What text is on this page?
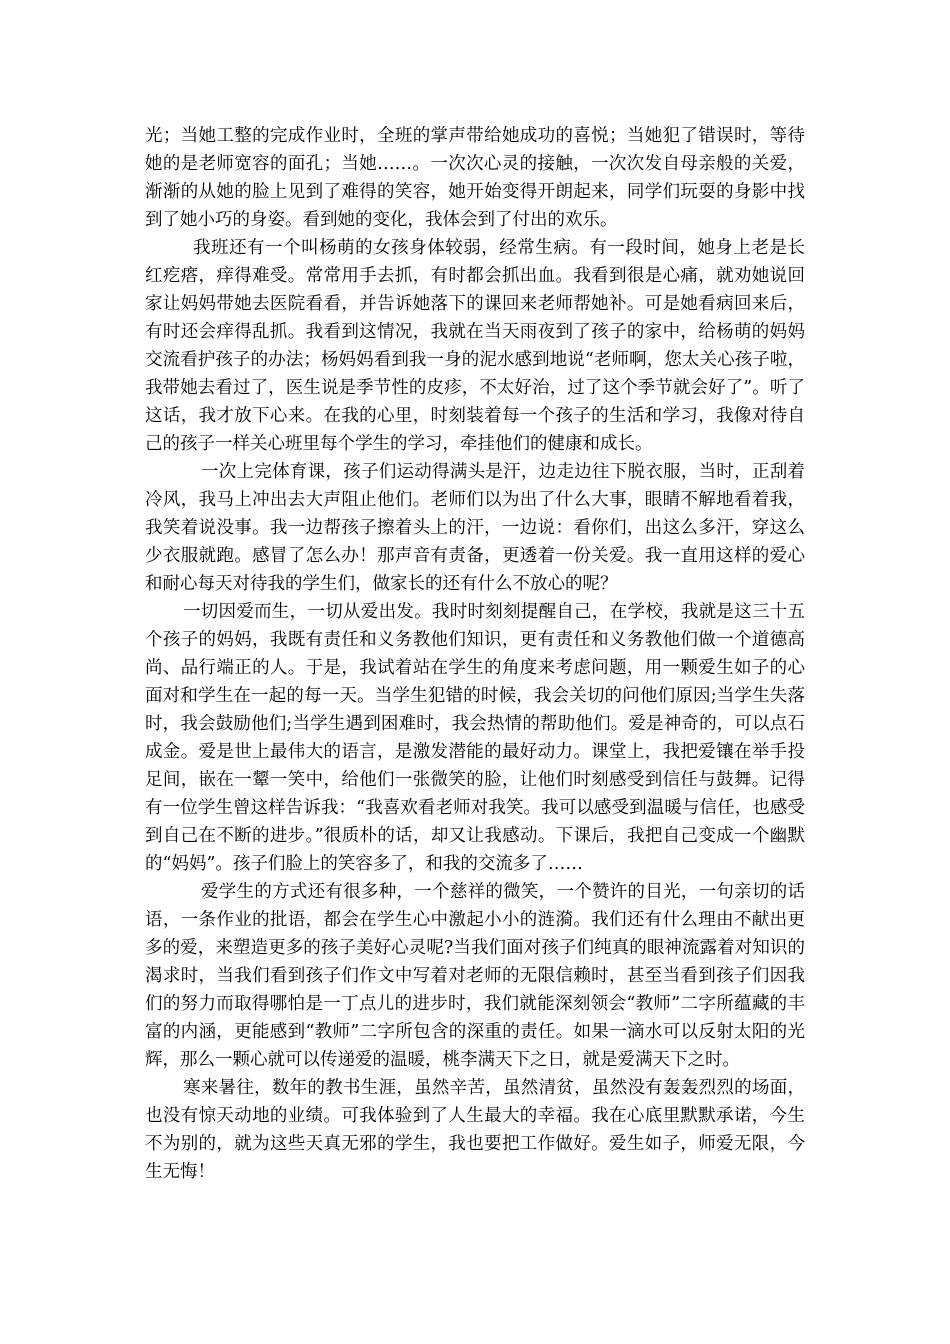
光；当她工整的完成作业时，全班的掌声带给她成功的喜悦；当她犯了错误时，等待她的是老师宽容的面孔；当她……。一次次心灵的接触，一次次发自母亲般的关爱，渐渐的从她的脸上见到了难得的笑容，她开始变得开朗起来，同学们玩耍的身影中找到了她小巧的身姿。看到她的变化，我体会到了付出的欢乐。

我班还有一个叫杨萌的女孩身体较弱，经常生病。有一段时间，她身上老是长红疙瘩，痒得难受。常常用手去抓，有时都会抓出血。我看到很是心痛，就劝她说回家让妈妈带她去医院看看，并告诉她落下的课回来老师帮她补。可是她看病回来后，有时还会痒得乱抓。我看到这情况，我就在当天雨夜到了孩子的家中，给杨萌的妈妈交流看护孩子的办法；杨妈妈看到我一身的泥水感到地说“老师啊，您太关心孩子啦，我带她去看过了，医生说是季节性的皮疹，不太好治，过了这个季节就会好了”。听了这话，我才放下心来。在我的心里，时刻装着每一个孩子的生活和学习，我像对待自己的孩子一样关心班里每个学生的学习，牵挂他们的健康和成长。

一次上完体育课，孩子们运动得满头是汗，边走边往下脱衣服，当时，正刮着冷风，我马上冲出去大声阻止他们。老师们以为出了什么大事，眼睛不解地看着我，我笑着说没事。我一边帮孩子擦着头上的汗，一边说：看你们，出这么多汗，穿这么少衣服就跑。感冒了怎么办！那声音有责备，更透着一份关爱。我一直用这样的爱心和耐心每天对待我的学生们，做家长的还有什么不放心的呢？

一切因爱而生，一切从爱出发。我时时刻刻提醒自己，在学校，我就是这三十五个孩子的妈妈，我既有责任和义务教他们知识，更有责任和义务教他们做一个道德高尚、品行端正的人。于是，我试着站在学生的角度来考虑问题，用一颗爱生如子的心面对和学生在一起的每一天。当学生犯错的时候，我会关切的问他们原因;当学生失落时，我会鼓励他们;当学生遇到困难时，我会热情的帮助他们。爱是神奇的，可以点石成金。爱是世上最伟大的语言，是激发潜能的最好动力。课堂上，我把爱镶在举手投足间，嵌在一颦一笑中，给他们一张微笑的脸，让他们时刻感受到信任与鼓舞。记得有一位学生曾这样告诉我：“我喜欢看老师对我笑。我可以感受到温暖与信任，也感受到自己在不断的进步。”很质朴的话，却又让我感动。下课后，我把自己变成一个幽默的“妈妈”。孩子们脸上的笑容多了，和我的交流多了……

爱学生的方式还有很多种，一个慈祥的微笑，一个赞许的目光，一句亲切的话语，一条作业的批语，都会在学生心中激起小小的涟漪。我们还有什么理由不献出更多的爱，来塑造更多的孩子美好心灵呢?当我们面对孩子们纯真的眼神流露着对知识的渴求时，当我们看到孩子们作文中写着对老师的无限信赖时，甚至当看到孩子们因我们的努力而取得哪怕是一丁点儿的进步时，我们就能深刻领会“教师”二字所蕴藏的丰富的内涵，更能感到“教师”二字所包含的深重的责任。如果一滴水可以反射太阳的光辉，那么一颗心就可以传递爱的温暖，桃李满天下之日，就是爱满天下之时。

寒来暑往，数年的教书生涯，虽然辛苦，虽然清贫，虽然没有轰轰烈烈的场面，也没有惊天动地的业绩。可我体验到了人生最大的幸福。我在心底里默默承诺，今生不为别的，就为这些天真无邪的学生，我也要把工作做好。爱生如子，师爱无限，今生无悔！
